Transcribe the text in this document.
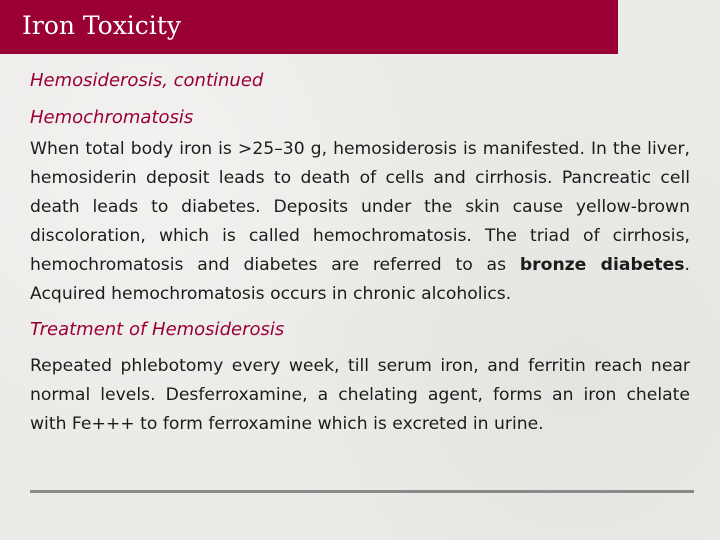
Iron Toxicity

Hemosiderosis, continued

Hemochromatosis

When total body iron is >25–30 g, hemosiderosis is manifested. In the liver, hemosiderin deposit leads to death of cells and cirrhosis. Pancreatic cell death leads to diabetes. Deposits under the skin cause yellow-brown discoloration, which is called hemochromatosis. The triad of cirrhosis, hemochromatosis and diabetes are referred to as bronze diabetes. Acquired hemochromatosis occurs in chronic alcoholics.

Treatment of Hemosiderosis

Repeated phlebotomy every week, till serum iron, and ferritin reach near normal levels. Desferroxamine, a chelating agent, forms an iron chelate with Fe+++ to form ferroxamine which is excreted in urine.
